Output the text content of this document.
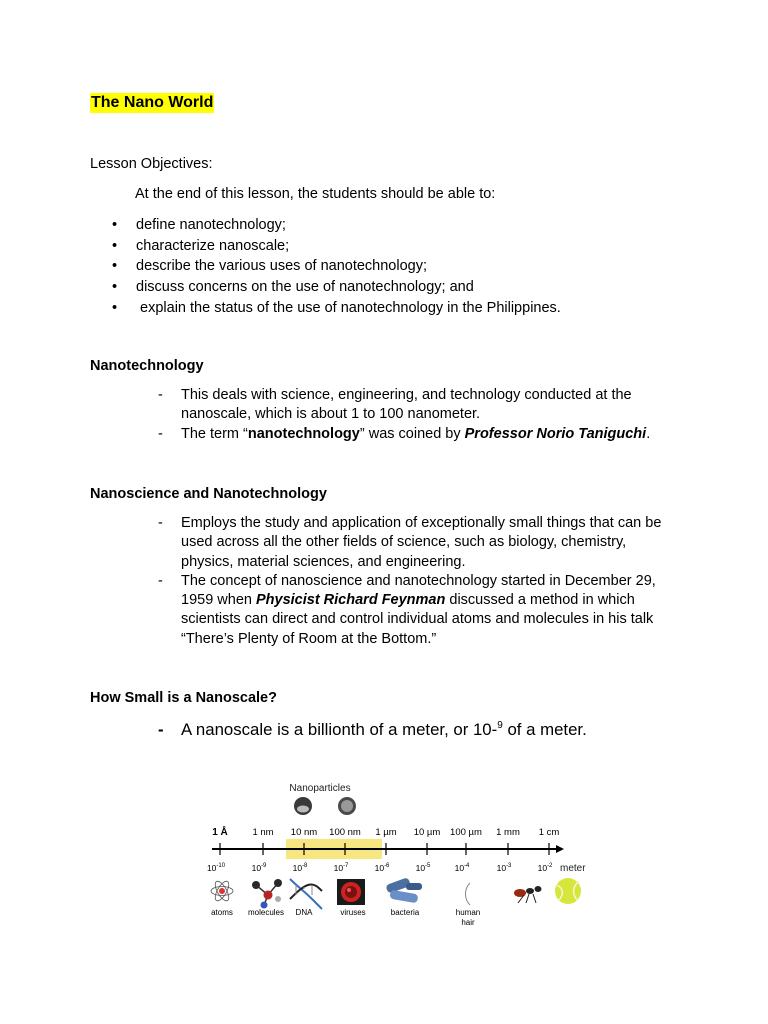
The Nano World
Lesson Objectives:
At the end of this lesson, the students should be able to:
• define nanotechnology;
• characterize nanoscale;
• describe the various uses of nanotechnology;
• discuss concerns on the use of nanotechnology; and
•  explain the status of the use of nanotechnology in the Philippines.
Nanotechnology
- This deals with science, engineering, and technology conducted at the nanoscale, which is about 1 to 100 nanometer.
- The term “nanotechnology” was coined by Professor Norio Taniguchi.
Nanoscience and Nanotechnology
- Employs the study and application of exceptionally small things that can be used across all the other fields of science, such as biology, chemistry, physics, material sciences, and engineering.
- The concept of nanoscience and nanotechnology started in December 29, 1959 when Physicist Richard Feynman discussed a method in which scientists can direct and control individual atoms and molecules in his talk “There’s Plenty of Room at the Bottom.”
How Small is a Nanoscale?
- A nanoscale is a billionth of a meter, or 10-$^9$ of a meter.
Nanoparticles
1 Å	1 nm 10 nm 100 nm 1 µm 10 µm 100 µm 1 mm 1 cm
$10^{-10}$	$10^{-9}$	$10^{-8}$	$10^{-7}$	$10^{-6}$	$10^{-5}$	$10^{-4}$	$10^{-3}$	$10^{-2}$ meter
atoms molecules DNA	viruses	bacteria	human
hair
